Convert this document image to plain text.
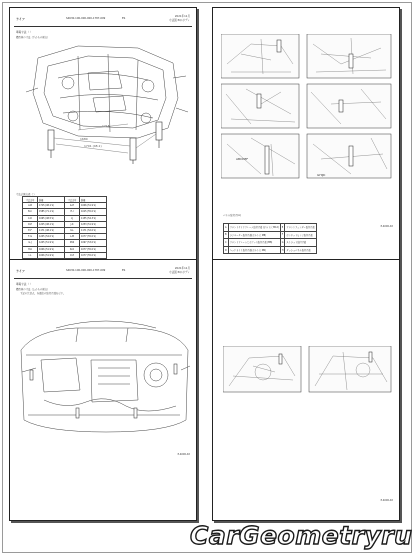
ライフ	S4630-100-000-000-1787-099	ES
2021年11月
寸法図 P.Q.ボディ
車両寸法（ ）
構造体の寸法（下からの視点）
1680
1701 (48.1)
1715
寸法計測点表（ ）
寸法記号	距離	寸法記号	距離
A-B	1715 (48.1 S)	G-H	1006 (51.9 S)
B-C	1585 (71.1 S)	H-I	1015 (55.0 S)
C-D	1065 (48.5 S)	I-J	1155 (54.3 S)
D-E	1225 (48.1 S)	J-K	1253 (51.9 S)
E-F	1171 (48.1 S)	K-L	1171 (52.0 S)
F-G	1245 (54.0 S)	L-M	1077 (55.0 S)
G-J	1245 (51.9 S)	M-N	1097 (53.0 S)
H-K	1006 (51.9 S)	N-O	1077 (55.0 S)
I-L	1006 (51.9 S)	O-P	1077 (55.0 S)
ABCDEF
GHIJK
パネル取付け(A)
A	フロントサイドフレーム取付け部 (ボルト穴 M12)	E	フロントフェンダー取付け部
B	ラジエーター取付け部(ボルト穴 M8)	F	ボンネットヒンジ取付け部
C	フロントフレームとボディの取付け部 (M8)	G	ストラット取付け部
D	ヘッドライト取付け部(ボルト穴 M6)	H	ダッシュパネル取付け部
P-4000-XX
ライフ	S4630-100-000-000-1787-099	ES
2021年11月
寸法図 P.Q.ボディ
車両寸法（ ）
構造体の寸法（上からの視点）
下記の注意点、各部位の取付け部を示す。
P-4000-XX
P-4000-XX
CarGeometryru
